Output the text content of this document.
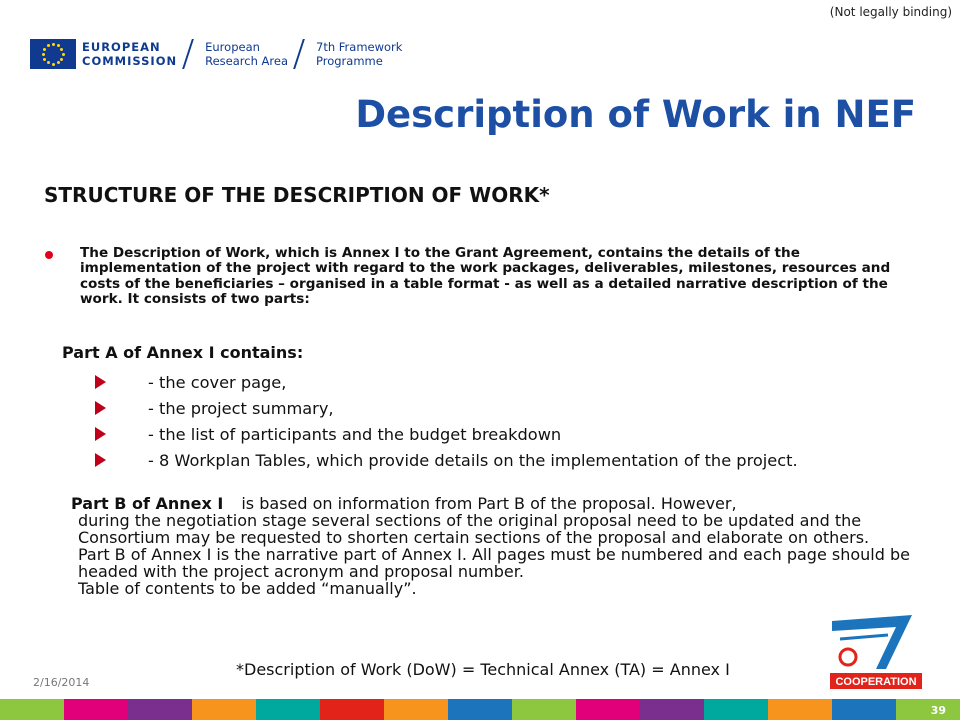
(Not legally binding)
EUROPEAN
COMMISSION
European
Research Area
7th Framework
Programme
Description of Work in NEF
STRUCTURE OF THE DESCRIPTION OF WORK*

The Description of Work, which is Annex I to the Grant Agreement, contains the details of the implementation of the project with regard to the work packages, deliverables, milestones, resources and costs of the beneficiaries – organised in a table format - as well as a detailed narrative description of the work. It consists of two parts:

Part A of Annex I contains:

- the cover page,
- the project summary,
- the list of participants and the budget breakdown
- 8 Workplan Tables, which provide details on the implementation of the project.

Part B of Annex I is based on information from Part B of the proposal. However,

during the negotiation stage several sections of the original proposal need to be updated and the Consortium may be requested to shorten certain sections of the proposal and elaborate on others.

Part B of Annex I is the narrative part of Annex I. All pages must be numbered and each page should be headed with the project acronym and proposal number.

Table of contents to be added “manually”.

*Description of Work (DoW) = Technical Annex (TA) = Annex I

2/16/2014	COOPERATION
39
